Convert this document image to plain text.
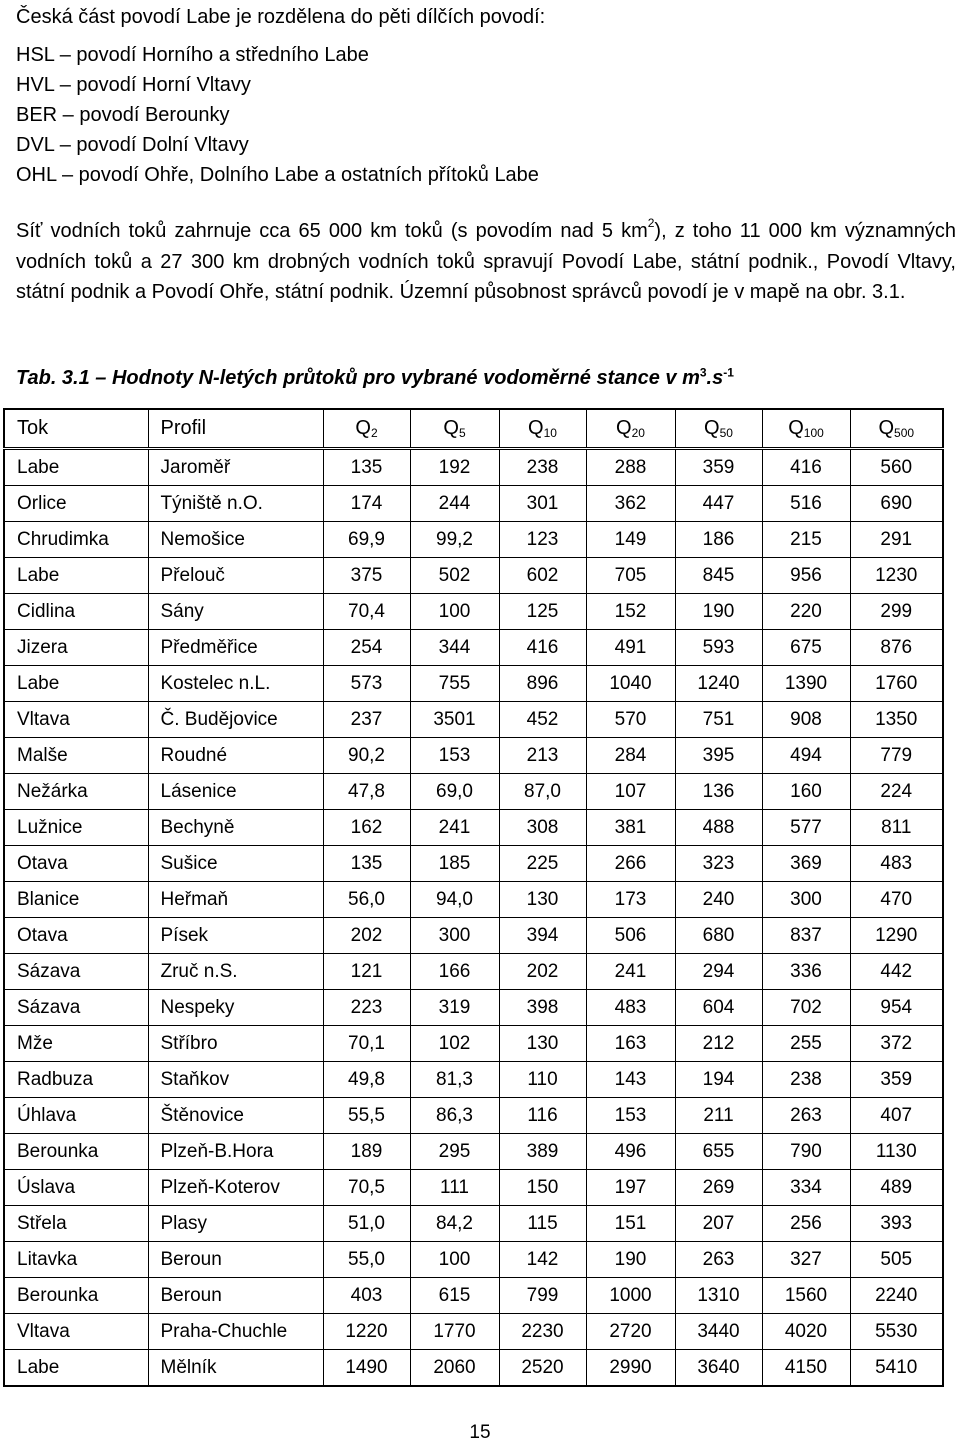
Česká část povodí Labe je rozdělena do pěti dílčích povodí:

HSL – povodí Horního a středního Labe
HVL – povodí Horní Vltavy
BER – povodí Berounky
DVL – povodí Dolní Vltavy
OHL – povodí Ohře, Dolního Labe a ostatních přítoků Labe

Síť vodních toků zahrnuje cca 65 000 km toků (s povodím nad 5 $km^2$), z toho 11 000 km významných vodních toků a 27 300 km drobných vodních toků spravují Povodí Labe, státní podnik., Povodí Vltavy, státní podnik a Povodí Ohře, státní podnik. Územní působnost správců povodí je v mapě na obr. 3.1.

Tab. 3.1 – Hodnoty N-letých průtoků pro vybrané vodoměrné stance v $m^3.s^{-1}$

Tok	Profil	$Q_2$	$Q_5$	$Q_{10}$	$Q_{20}$	$Q_{50}$	$Q_{100}$	$Q_{500}$
Labe	Jaroměř	135	192	238	288	359	416	560
Orlice	Týniště n.O.	174	244	301	362	447	516	690
Chrudimka	Nemošice	69,9	99,2	123	149	186	215	291
Labe	Přelouč	375	502	602	705	845	956	1230
Cidlina	Sány	70,4	100	125	152	190	220	299
Jizera	Předměřice	254	344	416	491	593	675	876
Labe	Kostelec n.L.	573	755	896	1040	1240	1390	1760
Vltava	Č. Budějovice	237	3501	452	570	751	908	1350
Malše	Roudné	90,2	153	213	284	395	494	779
Nežárka	Lásenice	47,8	69,0	87,0	107	136	160	224
Lužnice	Bechyně	162	241	308	381	488	577	811
Otava	Sušice	135	185	225	266	323	369	483
Blanice	Heřmaň	56,0	94,0	130	173	240	300	470
Otava	Písek	202	300	394	506	680	837	1290
Sázava	Zruč n.S.	121	166	202	241	294	336	442
Sázava	Nespeky	223	319	398	483	604	702	954
Mže	Stříbro	70,1	102	130	163	212	255	372
Radbuza	Staňkov	49,8	81,3	110	143	194	238	359
Úhlava	Štěnovice	55,5	86,3	116	153	211	263	407
Berounka	Plzeň-B.Hora	189	295	389	496	655	790	1130
Úslava	Plzeň-Koterov	70,5	111	150	197	269	334	489
Střela	Plasy	51,0	84,2	115	151	207	256	393
Litavka	Beroun	55,0	100	142	190	263	327	505
Berounka	Beroun	403	615	799	1000	1310	1560	2240
Vltava	Praha-Chuchle	1220	1770	2230	2720	3440	4020	5530
Labe	Mělník	1490	2060	2520	2990	3640	4150	5410
15
